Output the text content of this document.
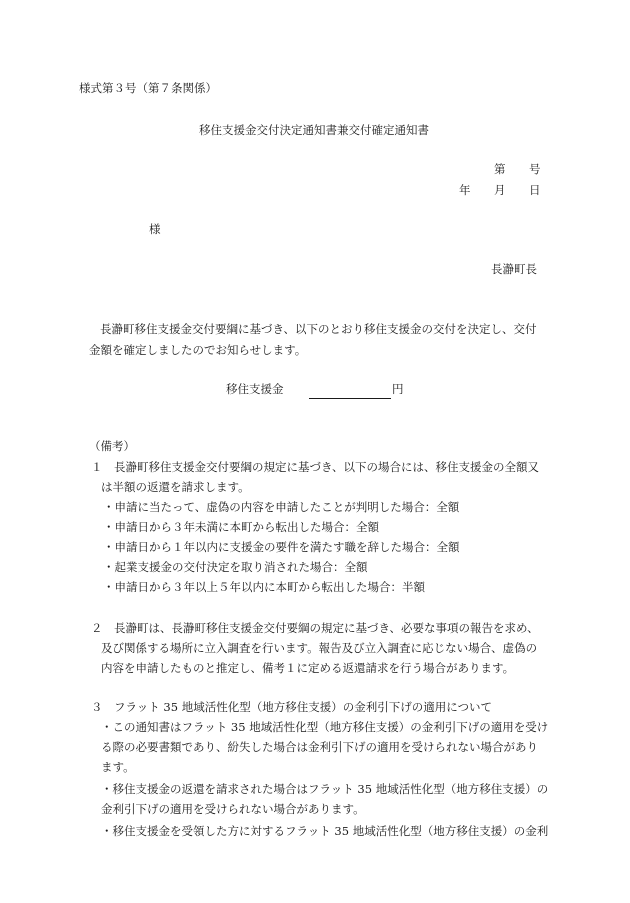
様式第３号（第７条関係）
移住支援金交付決定通知書兼交付確定通知書
第 号
年 月 日
様
長瀞町長
長瀞町移住支援金交付要綱に基づき、以下のとおり移住支援金の交付を決定し、交付
金額を確定しましたのでお知らせします。
移住支援金	円
（備考）
１　長瀞町移住支援金交付要綱の規定に基づき、以下の場合には、移住支援金の全額又
は半額の返還を請求します。
・申請に当たって、虚偽の内容を申請したことが判明した場合：全額
・申請日から３年未満に本町から転出した場合：全額
・申請日から１年以内に支援金の要件を満たす職を辞した場合：全額
・起業支援金の交付決定を取り消された場合：全額
・申請日から３年以上５年以内に本町から転出した場合：半額
２　長瀞町は、長瀞町移住支援金交付要綱の規定に基づき、必要な事項の報告を求め、
及び関係する場所に立入調査を行います。報告及び立入調査に応じない場合、虚偽の
内容を申請したものと推定し、備考１に定める返還請求を行う場合があります。
３　フラット 35 地域活性化型（地方移住支援）の金利引下げの適用について
・この通知書はフラット 35 地域活性化型（地方移住支援）の金利引下げの適用を受け
る際の必要書類であり、紛失した場合は金利引下げの適用を受けられない場合があり
ます。
・移住支援金の返還を請求された場合はフラット 35 地域活性化型（地方移住支援）の
金利引下げの適用を受けられない場合があります。
・移住支援金を受領した方に対するフラット 35 地域活性化型（地方移住支援）の金利
